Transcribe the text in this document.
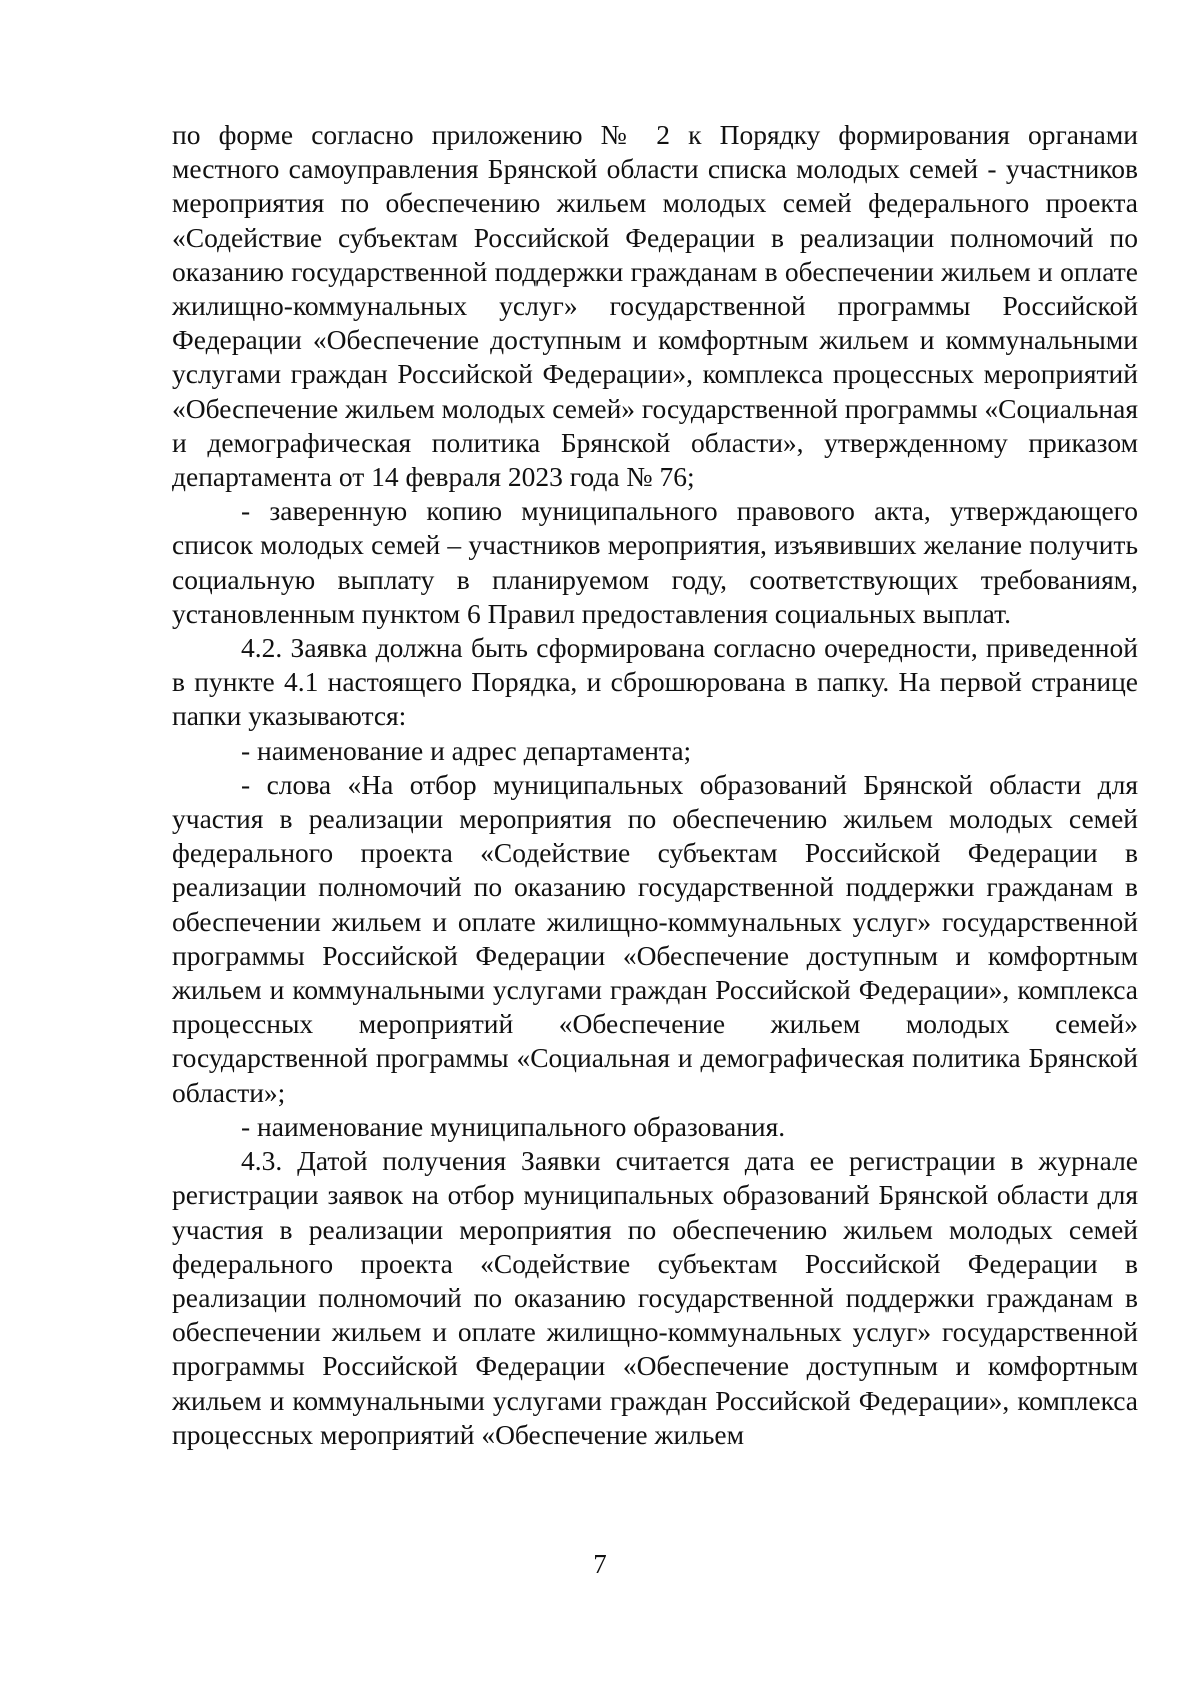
по форме согласно приложению № 2 к Порядку формирования органами местного самоуправления Брянской области списка молодых семей - участников мероприятия по обеспечению жильем молодых семей федерального проекта «Содействие субъектам Российской Федерации в реализации полномочий по оказанию государственной поддержки гражданам в обеспечении жильем и оплате жилищно-коммунальных услуг» государственной программы Российской Федерации «Обеспечение доступным и комфортным жильем и коммунальными услугами граждан Российской Федерации», комплекса процессных мероприятий «Обеспечение жильем молодых семей» государственной программы «Социальная и демографическая политика Брянской области», утвержденному приказом департамента от 14 февраля 2023 года № 76;

- заверенную копию муниципального правового акта, утверждающего список молодых семей – участников мероприятия, изъявивших желание получить социальную выплату в планируемом году, соответствующих требованиям, установленным пунктом 6 Правил предоставления социальных выплат.

4.2. Заявка должна быть сформирована согласно очередности, приведенной в пункте 4.1 настоящего Порядка, и сброшюрована в папку. На первой странице папки указываются:

- наименование и адрес департамента;

- слова «На отбор муниципальных образований Брянской области для участия в реализации мероприятия по обеспечению жильем молодых семей федерального проекта «Содействие субъектам Российской Федерации в реализации полномочий по оказанию государственной поддержки гражданам в обеспечении жильем и оплате жилищно-коммунальных услуг» государственной программы Российской Федерации «Обеспечение доступным и комфортным жильем и коммунальными услугами граждан Российской Федерации», комплекса процессных мероприятий «Обеспечение жильем молодых семей» государственной программы «Социальная и демографическая политика Брянской области»;

- наименование муниципального образования.

4.3. Датой получения Заявки считается дата ее регистрации в журнале регистрации заявок на отбор муниципальных образований Брянской области для участия в реализации мероприятия по обеспечению жильем молодых семей федерального проекта «Содействие субъектам Российской Федерации в реализации полномочий по оказанию государственной поддержки гражданам в обеспечении жильем и оплате жилищно-коммунальных услуг» государственной программы Российской Федерации «Обеспечение доступным и комфортным жильем и коммунальными услугами граждан Российской Федерации», комплекса процессных мероприятий «Обеспечение жильем

7
